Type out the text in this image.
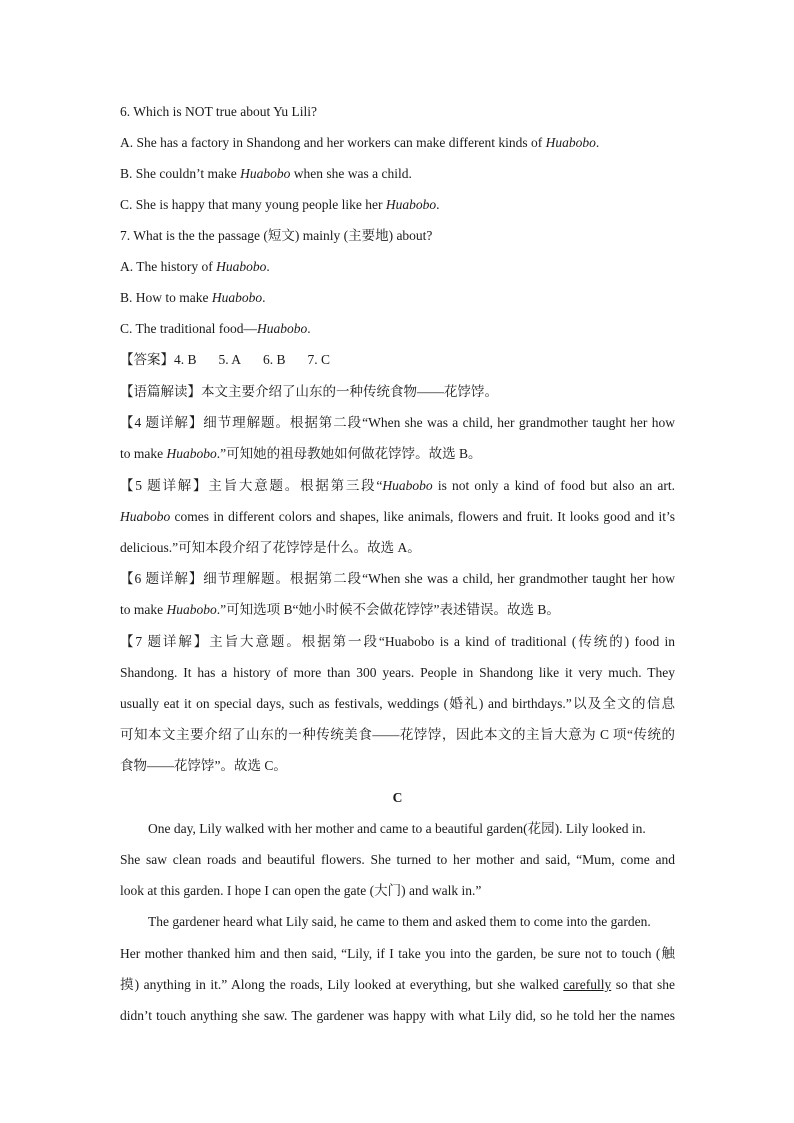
6. Which is NOT true about Yu Lili?
A. She has a factory in Shandong and her workers can make different kinds of Huabobo.
B. She couldn’t make Huabobo when she was a child.
C. She is happy that many young people like her Huabobo.
7. What is the the passage (短文) mainly (主要地) about?
A. The history of Huabobo.
B. How to make Huabobo.
C. The traditional food—Huabobo.
【答案】4. B 5. A 6. B 7. C
【语篇解读】本文主要介绍了山东的一种传统食物——花饽饽。
【4 题详解】细节理解题。根据第二段“When she was a child, her grandmother taught her how
to make Huabobo.”可知她的祖母教她如何做花饽饽。故选 B。
【5 题详解】主旨大意题。根据第三段“Huabobo is not only a kind of food but also an art.
Huabobo comes in different colors and shapes, like animals, flowers and fruit. It looks good and it’s
delicious.”可知本段介绍了花饽饽是什么。故选 A。
【6 题详解】细节理解题。根据第二段“When she was a child, her grandmother taught her how
to make Huabobo.”可知选项 B“她小时候不会做花饽饽”表述错误。故选 B。
【7 题详解】主旨大意题。根据第一段“Huabobo is a kind of traditional (传统的) food in
Shandong. It has a history of more than 300 years. People in Shandong like it very much. They
usually eat it on special days, such as festivals, weddings (婚礼) and birthdays.”以及全文的信息
可知本文主要介绍了山东的一种传统美食——花饽饽，因此本文的主旨大意为 C 项“传统的
食物——花饽饽”。故选 C。
C
One day, Lily walked with her mother and came to a beautiful garden(花园). Lily looked in.
She saw clean roads and beautiful flowers. She turned to her mother and said, “Mum, come and
look at this garden. I hope I can open the gate (大门) and walk in.”
The gardener heard what Lily said, he came to them and asked them to come into the garden.
Her mother thanked him and then said, “Lily, if I take you into the garden, be sure not to touch (触
摸) anything in it.” Along the roads, Lily looked at everything, but she walked carefully so that she
didn’t touch anything she saw. The gardener was happy with what Lily did, so he told her the names
